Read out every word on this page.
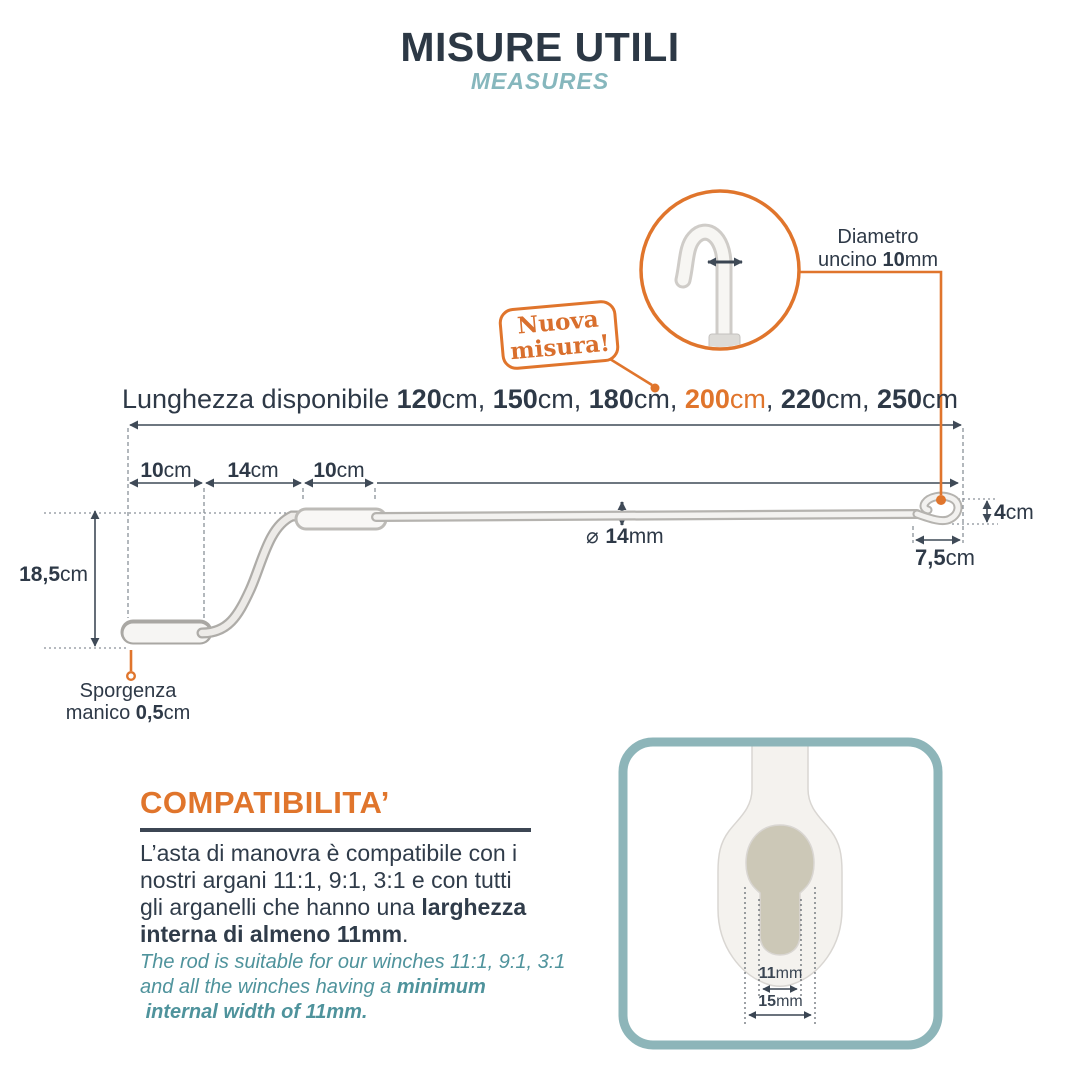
MISURE UTILI
MEASURES
Diametro
uncino 10mm
Nuova
misura!
Lunghezza disponibile 120cm, 150cm, 180cm, 200cm, 220cm, 250cm
10cm	14cm	10cm
18,5cm
⌀ 14mm
4cm
7,5cm
Sporgenza
manico 0,5cm
COMPATIBILITA’
L’asta di manovra è compatibile con i
nostri argani 11:1, 9:1, 3:1 e con tutti
gli arganelli che hanno una larghezza
interna di almeno 11mm.
The rod is suitable for our winches 11:1, 9:1, 3:1
and all the winches having a minimum
internal width of 11mm.
11mm
15mm
